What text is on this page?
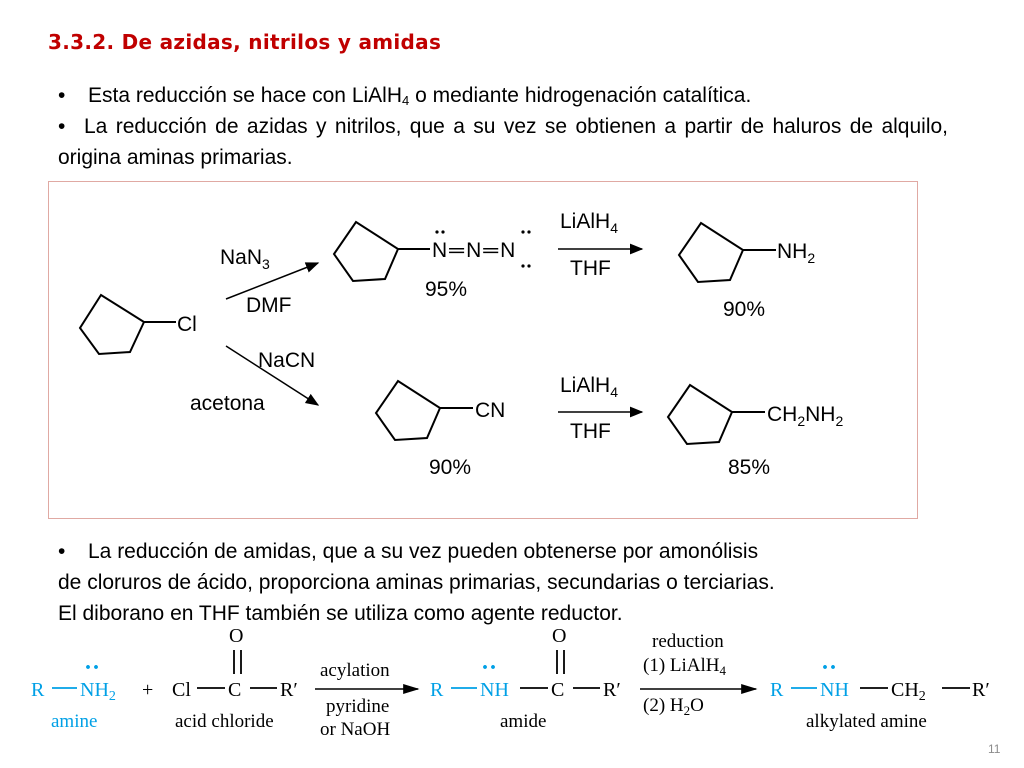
3.3.2. De azidas, nitrilos y amidas

• Esta reducción se hace con LiAlH$_4$ o mediante hidrogenación catalítica.

• La reducción de azidas y nitrilos, que a su vez se obtienen a partir de haluros de alquilo, origina aminas primarias.

Cl
NaN$_3$
DMF
N═N═N
95%
LiAlH$_4$
THF
$NH_2$
90%
NaCN
acetona	CN
90%
LiAlH$_4$
THF
$CH_2NH_2$
85%
R $NH_2$
··
amine
+ Cl C
O
R′
acid chloride
acylation
pyridine
or NaOH
R NH
··
C
O
R′
amide
reduction
(1) LiAlH$_4$
(2) $H_2O$
R NH
··
$CH_2$ R′
alkylated amine
• La reducción de amidas, que a su vez pueden obtenerse por amonólisis
de cloruros de ácido, proporciona aminas primarias, secundarias o terciarias.
El diborano en THF también se utiliza como agente reductor.
11
